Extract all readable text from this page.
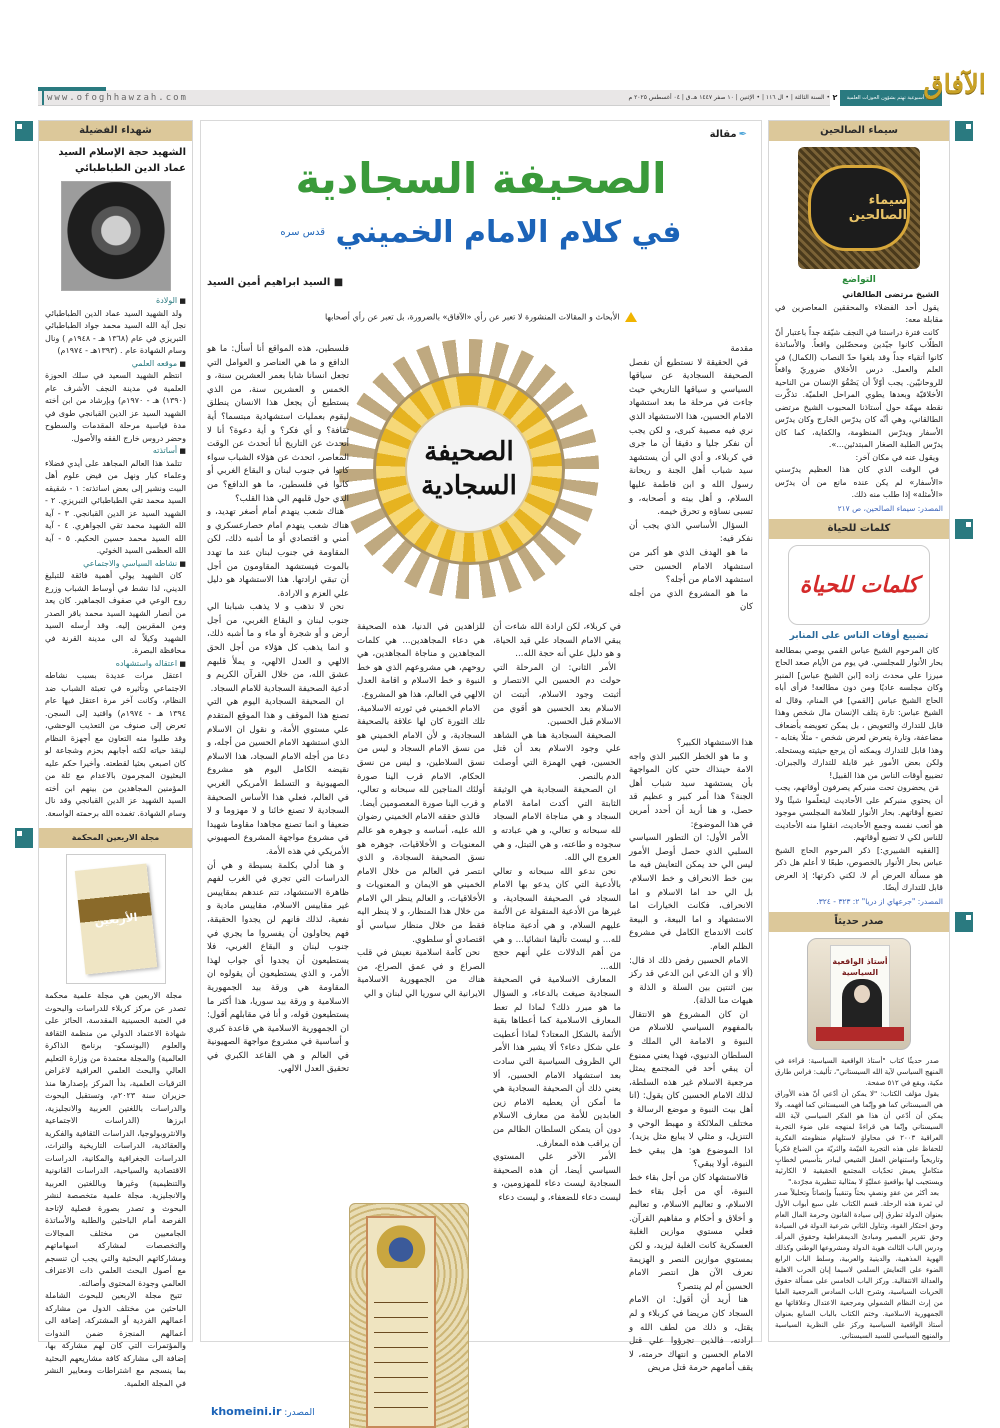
www.ofoghhawzah.com	• السنة الثالثة | • ال ١١٦ | • الإثنين | ١٠ صفر ١٤٤٧ هـ.ق | ٠٤ أغسطس ٢٠٢٥ م ٢	مجلة أسبوعية تهتم بشؤون الحوزات العلمية
الآفاق
سيماء الصالحين
سيماء الصالحين
التواضع

الشيخ مرتضى الطالقاني

يقول أحد الفضلاء والمحققين المعاصرين في مقابلة معه:

كانت فترة دراستنا في النجف شيّقة جداً باعتبار أنّ الطلّاب كانوا جيّدين ومحصّلين واقعاً. والأساتذة كانوا أتقياء جداً وقد بلغوا حدّ النصاب (الكمال) في العلم والعمل. درس الأخلاق ضروريّ واقعاً للروحانيّين. يجب أوّلاً أن يَصْقُوَ الإنسان من الناحية الأخلاقيّة وبعدها يطوي المراحل العلميّة. تذكّرت نقطة مهمّة حول أستاذنا المحبوب الشيخ مرتضى الطالقاني، وهي أنّه كان يدرّس الخارج وكان يدرّس الأسفار ويدرّس المنظومة، والكفاية، كما كان يدرّس الطلبة الصغار المبتدئين...».

ويقول عنه في مكان آخر:

في الوقت الذي كان هذا العظيم يدرّسني «الأسفار» لم يكن عنده مانع من أن يدرّس «الأمثلة» إذا طلب منه ذلك.

المصدر: سيماء الصالحين، ص ٢١٧
كلمات للحياة
كلمات للحياة
تضييع أوقات الناس على المنابر

كان المرحوم الشيخ عباس القمي يوصي بمطالعة بحار الأنوار للمجلسي. في يوم من الأيام صعد الحاج ميرزا علي محدث زاده [ابن الشيخ عباس] المنبر وكان مجلسه عاديًا ومن دون مطالعة! فرأى أباه الحاج الشيخ عباس [القمي] في المنام، وقال له الشيخ عباس: تارة يتلف الإنسان مال شخص وهذا قابل للتدارك والتعويض ، بل يمكن تعويضه بأضعاف مضاعفة، وتارة يتعرض لعرض شخص - مثلًا يغتابه - وهذا قابل للتدارك ويمكنه أن يرجع حيثيته ويستحله. ولكن بعض الأمور غير قابلة للتدارك والجبران. تضييع أوقات الناس من هذا القبيل!

مَن يحضرون تحت منبركم يصرفون أوقاتهم، يجب أن يحتوي منبركم على الأحاديث ليتعلّموا شيئًا ولا تضيع أوقاتهم. بحار الأنوار للعلامة المجلسي موجود هو أتعب نفسه وجمع الأحاديث، انقلوا منه الأحاديث للناس لكي لا تضيع أوقاتهم.

[الفقيه الشبيري:] ذكر المرحوم الحاج الشيخ عباس بحار الأنوار بالخصوص، طبعًا لا أعلم هل ذكر هو مسألة العرض أم لا، لكني ذكرتها؛ إذ العرض قابل للتدارك أيضًا.

المصدر: "جرعهاي از دريا" ٢: ٣٢٣ - ٣٢٤.
صدر حديثاً
أستاذ الواقعية السياسية

صدر حديثًا كتاب "أستاذ الواقعية السياسية: قراءة في المنهج السياسي لآية الله السيستاني"، تأليف: فراس طارق مكية، ويقع في ٥١٢ صفحة.

يقول مؤلف الكتاب: "لا يمكن أن أدّعي أنّ هذه الأوراق هي السيستاني كما هو وإنّما هي السيستاني كما أفهمه. ولا يمكن أن أدّعي أن هذا هو الفكر السياسي لآية الله السيستاني وإنّما هي قراءةٌ لمنهجه على ضوء التجربة العراقية ٢٠٠٣ في محاولةٍ لاستلهام منظومته الفكرية للحفاظ على هذه التجربة القيّمة والثريّة من الضياع فكرياً وتاريخياً واستنهاض العقل الشيعي ليبادر بتأسيس لخطابٍ متكاملٍ يعيش تحدّيات المجتمع الحقيقية لا الكارثية ويستجيب لها بواقعيةٍ عمليّةٍ لا بمثالية تنظيرية مجرّدة."

بعد أكثر من عقدٍ ونصفٍ بحثاً وتنقيباً وإنصاتاً وتحليلاً صدر لي ثمرة هذه الرحلة. قسم الكتاب على سبع أبواب الأول بعنوان الدولة تطرق إلى سيادة القانون وحرمة المال العام وحق احتكار القوة، وتناول الثاني شرعية الدولة في السيادة وحق تقرير المصير ومبادئ الديمقراطية وحقوق المرأة. ودرس الباب الثالث هوية الدولة ومشروعها الوطني وكذلك الهوية المذهبية، والدينية والعربية، وسلط الباب الرابع الضوء على التعايش السلمي لاسيما إبان الحرب الاهلية والعدالة الانتقالية. وركز الباب الخامس على مسألة حقوق الحريات السياسية، وشرح الباب السادس المرجعية العليا من إرث النظام الشمولي ومرجعية الاعتدال وعلاقاتها مع الجمهورية الاسلامية. وختم الكتاب بالباب السابع بعنوان أستاذ الواقعية السياسية وركز على النظرية السياسية والمنهج السياسي للسيد السيستاني.

شهداء الفضيلة
الشهيد حجة الإسلام السيد
عماد الدين الطباطبائي
■ الولادة

ولد الشهيد السيد عماد الدين الطباطبائي نجل آية الله السيد محمد جواد الطباطبائي التبريزي في عام (١٣٦٨ هـ - ١٩٤٨م ) ونال وسام الشهادة عام . (١٣٩٣هـ - ١٩٧٤م)

■ موقعه العلمي

انتظم الشهيد السعيد في سلك الحوزة العلمية في مدينة النجف الأشرف عام (١٣٩٠) هـ - ١٩٧٠م) وبإرشاد من ابن أخته الشهيد السيد عز الدين القبانجي طوى في مدة قياسية مرحلة المقدمات والسطوح وحضر دروس خارج الفقه والأصول.

■ أساتذته

تتلمذ هذا العالم المجاهد على أيدي فضلاء وعلماء كبار ونهل من فيض علوم أهل البيت ونشير إلى بعض اساتذته: ١ - شقيقه السيد محمد تقي الطباطبائي التبريزي. ٢ - الشهيد السيد عز الدين القبانجي. ٣ - آية الله الشهيد محمد تقي الجواهري. ٤ - آية الله السيد محمد حسين الحكيم. ٥ - آية الله العظمى السيد الخوئي.

■ نشاطه السياسي والاجتماعي

كان الشهيد يولي أهمية فائقة للتبليغ الديني، لذا نشط في أوساط الشباب وزرع روح الوعي في صفوف الجماهير. كان يعد من أنصار الشهيد السيد محمد باقر الصدر ومن المقربين إليه. وقد أرسله السيد الشهيد وكيلاً له الى مدينة القرنة في محافظة البصرة.

■ اعتقاله واستشهاده

اعتقل مرات عديدة بسبب نشاطه الاجتماعي وتأثيره في تعبئة الشباب ضد النظام، وكانت آخر مرة اعتقل فيها عام ١٣٩٤ هـ - ١٩٧٤م) واقتيد إلى السجن. تعرض إلى صنوف من التعذيب الوحشي، وقد طلبوا منه التعاون مع أجهزة النظام لينقذ حياته لكنه أجابهم بحزم وشجاعة لو كان اصبعي بعثيا لقطعته. وأخيرا حكم عليه البعثيون المجرمون بالاعدام مع ثلة من المؤمنين المجاهدين من بينهم ابن أخته السيد الشهيد عز الدين القبانجي وقد نال وسام الشهادة. تغمده الله برحمته الواسعة.

مجلة الاربعين المحكمة
الأربعين

مجلة الاربعين هي مجلة علمية محكمة تصدر عن مركز كربلاء للدراسات والبحوث في العتبة الحسينية المقدسة، الحائز على شهادة الاعتماد الدولي من منظمة الثقافة والعلوم (اليونسكو- برنامج الذاكرة العالمية) والمجلة معتمدة من وزارة التعليم العالي والبحث العلمي العراقية لاغراض الترقيات العلمية، بدأ المركز بإصدارها منذ حزيران سنة ٢٠٢٣م، وتستقبل البحوث والدراسات باللغتين العربية والانجليزية، ابرزها (الدراسات الاجتماعية والانثروبولوجيا، الدراسات الثقافية والفكرية والعقائدية، الدراسات التاريخية والتراث، الدراسات الجغرافية والمكانية، الدراسات الاقتصادية والسياحية، الدراسات القانونية والتنظيمية) وغيرها وباللغتين العربية والانجليزية. مجلة علمية متخصصة لنشر البحوث و تصدر بصورة فصلية لإتاحة الفرصة أمام الباحثين والطلبة والأساتذة الجامعيين من مختلف المجالات والتخصصات لمشاركة اسهاماتهم ومشاركاتهم البحثية والتي يجب أن تنسجم مع أصول البحث العلمي ذات الاعتراف العالمي وجودة المحتوى وأصالته.

تتيح مجلة الاربعين للبحوث الشاملة الباحثين من مختلف الدول من مشاركة أعمالهم الفردية أو المشتركة، إضافة الى أعمالهم المنجزة ضمن الندوات والمؤتمرات التي كان لهم مشاركة بها، إضافة الى مشاركة كافة مشاريعهم البحثية بما ينسجم مع اشتراطات ومعايير النشر في المجلة العلمية.

✒مقالة
الصحيفة السجادية
في كلام الامام الخميني $^{قدس سره}$
■ السيد ابراهيم أمين السيد
الأبحاث و المقالات المنشورة لا تعبر عن رأي «الآفاق» بالضرورة، بل تعبر عن رأي أصحابها
الصحيفة السجادية

مقدمة

في الحقيقة لا نستطيع أن نفصل الصحيفة السجادية عن سياقها السياسي و سياقها التاريخي حيث جاءت في مرحلة ما بعد استشهاد الامام الحسين، هذا الاستشهاد الذي نري فيه مصيبة كبرى، و لكن يجب أن نفكر جليا و دقيقا أن ما جرى في كربلاء، و أدي الي أن يستشهد سيد شباب أهل الجنة و ريحانة رسول الله و ابن فاطمة عليها السلام، و أهل بيته و أصحابه، و تسبى نساؤه و تحرق خيمه.

السؤال الأساسي الذي يجب أن نفكر فيه:

ما هو الهدف الذي هو أكبر من استشهاد الامام الحسين حتى استشهد الامام من أجله؟

ما هو المشروع الذي من أجله كان

هذا الاستشهاد الكبير؟

و ما هو الخطر الكبير الذي واجه الامة حينذاك حتي كان المواجهة بأن يستشهد سيد شباب أهل الجنة؟ هذا أمر كبير و عظيم قد حصل، و هنا أريد أن أحدد أمرين في هذا الموضوع:

الأمر الأول: ان التطور السياسي السلبي الذي حصل أوصل الأمور ليس الي حد يمكن التعايش فيه ما بين خط الانحراف و خط الاسلام، بل الي حد اما الاسلام و اما الانحراف، فكانت الخيارات اما الاستشهاد و اما البيعة، و البيعة كانت الاندماج الكامل في مشروع الظلم العام.

الامام الحسين رفض ذلك اذ قال: (ألا و ان الدعي ابن الدعي قد ركز بين اثنتين بين السلة و الذلة و هيهات منا الذلة).

ان كان المشروع هو الانتقال بالمفهوم السياسي للاسلام من النبوة و الامامة الي الملك و السلطان الدنيوي، فهذا يعني ممنوع أن يبقي أحد في المجتمع يمثل مرجعية الاسلام غير هذه السلطة، لذلك الامام الحسين كان يقول: (انا أهل بيت النبوة و موضع الرسالة و مختلف الملائكة و مهبط الوحي و التنزيل، و مثلي لا يبايع مثل يزيد). اذا الموضوع هو: هل يبقي خط النبوة، أولا يبقي؟

فالاستشهاد كان من أجل بقاء خط النبوة، أي من أجل بقاء خط الاسلام، و تعاليم الاسلام، و تعاليم و أخلاق و أحكام و مفاهيم القرآن. فعلي مستوي موازين الغلبة العسكرية كانت الغلبة ليزيد، و لكن بمستوي موازين النصر و الهزيمة نعرف الآن هل انتصر الامام الحسين أم لم ينتصر؟

هنا أريد أن أقول: ان الامام السجاد كان مريضا في كربلاء و لم يقتل، و ذلك من لطف الله و ارادته، فالذين تجرؤوا علي قتل الامام الحسين و انتهاك حرمته، لا يقف أمامهم حرمة قتل مريض

في كربلاء، لكن ارادة الله شاءت أن يبقي الامام السجاد علي قيد الحياة، و هو دليل علي أنه حجة الله...

الأمر الثاني: ان المرحلة التي حولت دم الحسين الي الانتصار و أثبتت وجود الاسلام، أثبتت ان الاسلام بعد الحسين هو أقوي من الاسلام قبل الحسين.

الصحيفة السجادية هنا هي الشاهد علي وجود الاسلام بعد أن قتل الحسين، فهي الهمزة التي أوصلت الدم بالنصر.

ان الصحيفة السجادية هي الوثيقة الثابتة التي أكدت امامة الامام السجاد و هي مناجاة الامام السجاد لله سبحانه و تعالي، و هي عبادته و سجوده و طاعته، و هي التبتل، و هي العروج الي الله.

نحن ندعو الله سبحانه و تعالي بالأدعية التي كان يدعو بها الامام السجاد في الصحيفة السجادية، و غيرها من الأدعية المنقولة عن الأئمة عليهم السلام، و هي أدعية مناجاة لله... و ليست تأليفا انشائيا... و هي من أهم الدلالات علي أنهم حجج الله...

المعارف الاسلامية في الصحيفة السجادية صيغت بالدعاء، و السؤال ما هو مبرر ذلك؟ لماذا لم تعط المعارف الاسلامية كما أعطاها بقية الأئمة بالشكل المعتاد؟ لماذا أعطيت علي شكل دعاء؟ ألا يشير هذا الأمر الي الظروف السياسية التي سادت بعد استشهاد الامام الحسين، ألا يعني ذلك أن الصحيفة السجادية هي ما أمكن أن يعطيه الامام زين العابدين للأمة من معارف الاسلام دون أن يتمكن السلطان الظالم من أن يراقب هذه المعارف.

الأمر الآخر علي المستوي السياسي أيضا، أن هذه الصحيفة السجادية ليست دعاء للمهزومين، و ليست دعاء للضعفاء، و ليست دعاء

للزاهدين في الدنيا، هذه الصحيفة هي دعاء المجاهدين... هي كلمات المجاهدين و مناجاة المجاهدين، هي روحهم، هي مشروعهم الذي هو خط النبوة و خط الاسلام و اقامة العدل الالهي في العالم، هذا هو المشروع.

الامام الخميني في ثورته الاسلامية، تلك الثورة كان لها علاقة بالصحيفة السجادية، و لأن الامام الخميني هو من نسق الامام السجاد و ليس من نسق السلاطين، و ليس من نسق الحكام، الامام قرب الينا صورة أولئك المناجين لله سبحانه و تعالي، و قرب الينا صورة المعصومين أيضا.

فالذي حققه الامام الخميني رضوان الله عليه، أساسه و جوهره هو عالم المعنويات و الأخلاقيات، جوهره هو نسق الصحيفة السجادة، و الذي انتصر في العالم من خلال الامام الخميني هو الايمان و المعنويات و الأخلاقيات، و العالم ينظر الي الامام من خلال هذا المنظار، و لا ينظر اليه فقط من خلال منظار سياسي أو اقتصادي أو سلطوي.

نحن كأمة اسلامية نعيش في قلب الصراع و في عمق الصراع، من هناك من الجمهورية الاسلامية الايرانية الي سوريا الي لبنان و الي

فلسطين، هذه المواقع أنا أسأل: ما هو الدافع و ما هي العناصر و العوامل التي تجعل انسانا شابا بعمر العشرين سنة، و الخمس و العشرين سنة، من الذي يستطيع أن يجعل هذا الانسان ينطلق ليقوم بعمليات استشهادية مبتسما؟ أية ثقافة؟ و أي فكر؟ و أية دعوة؟ أنا لا أتحدث عن التاريخ أنا أتحدث عن الوقت المعاصر، اتحدث عن هؤلاء الشباب سواء كانوا في جنوب لبنان و البقاع الغربي أو كانوا في فلسطين، ما هو الدافع؟ من الذي حول قلبهم الي هذا القلب؟

هناك شعب ينهدم أمام أصغر تهديد، و هناك شعب ينهدم امام حصارعسكري و أمني و اقتصادي أو ما أشبه ذلك، لكن المقاومة في جنوب لبنان عند ما تهدد بالموت فيستشهد المقاومون من أجل أن تبقي ارادتها. هذا الاستشهاد هو دليل علي العزم و الارادة.

نحن لا نذهب و لا يذهب شبابنا الي جنوب لبنان و البقاع الغربي، من أجل أرض و أو شجرة أو ماء و ما أشبه ذلك، و انما يذهب كل هؤلاء من أجل الحق الالهي و العدل الالهي، و يملأ قلبهم عشق الله، من خلال القرآن الكريم و أدعية الصحيفة السجادية للامام السجاد.

ان الصحيفة السجادية اليوم هي التي تصنع هذا الموقف و هذا الموقع المتقدم علي مستوي الأمة، و نقول ان الاسلام الذي استشهد الامام الحسين من أجله، و دعا من أجله الامام السجاد، هذا الاسلام نقيضه الكامل اليوم هو مشروع الصهيونية و التسلط الأمريكي الغربي في العالم، فعلي هذا الأساس الصحيفة السجادية لا تصنع خائنا و لا مهزوما و لا ضعيفا و انما تصنع مجاهدا مقاوما شهيدا في مشروع مواجهة المشروع الصهيوني الأمريكي في هذه الأمة.

و هنا أدلي بكلمة بسيطة و هي أن الدراسات التي تجري في الغرب لفهم ظاهرة الاستشهاد، تتم عندهم بمقاييس غير مقاييس الاسلام، مقاييس مادية و نفعية، لذلك فانهم لن يجدوا الحقيقة، فهم يحاولون أن يفسروا ما يجري في جنوب لبنان و البقاع الغربي، فلا يستطيعون أن يجدوا أي جواب لهذا الأمر، و الذي يستطيعون أن يقولوه ان المقاومة هي ورقة بيد الجمهورية الاسلامية و ورقة بيد سوريا، هذا أكثر ما يستطيعون قوله، و أنا في مقابلهم أقول: ان الجمهورية الاسلامية هي قاعدة كبري و أساسية في مشروع مواجهة الصهيونية في العالم و هي القاعد الكبري في تحقيق العدل الالهي.

المصدر: khomeini.ir
